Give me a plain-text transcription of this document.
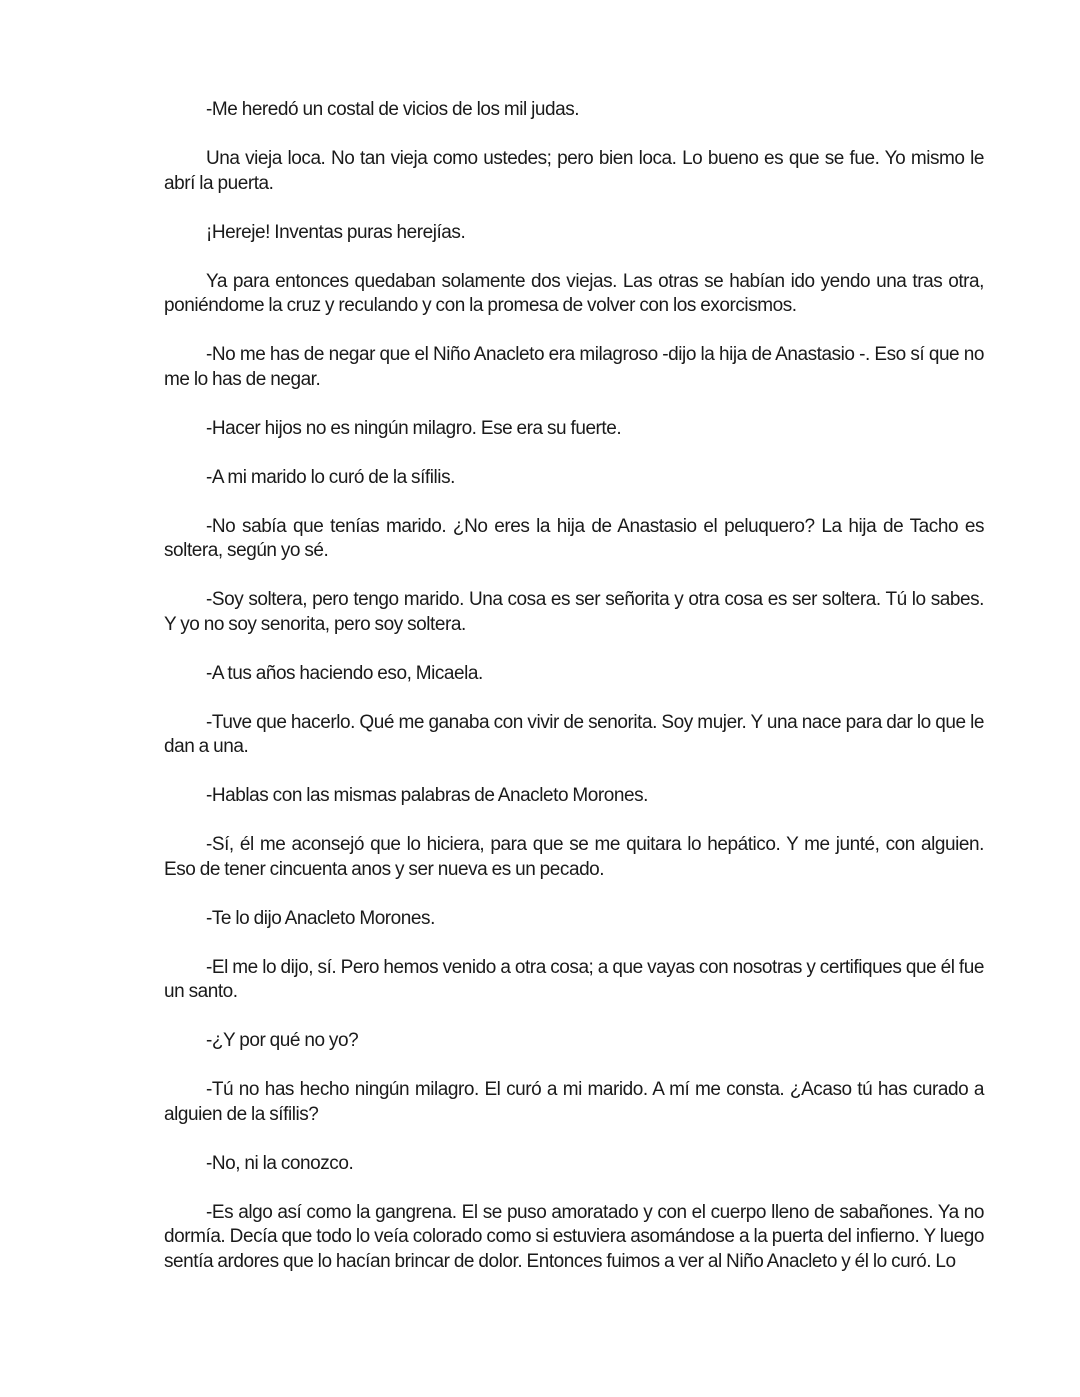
-Me heredó un costal de vicios de los mil judas.

Una vieja loca. No tan vieja como ustedes; pero bien loca. Lo bueno es que se fue. Yo mismo le abrí la puerta.

¡Hereje! Inventas puras herejías.

Ya para entonces quedaban solamente dos viejas. Las otras se habían ido yendo una tras otra, poniéndome la cruz y reculando y con la promesa de volver con los exorcismos.

-No me has de negar que el Niño Anacleto era milagroso -dijo la hija de Anastasio -. Eso sí que no me lo has de negar.

-Hacer hijos no es ningún milagro. Ese era su fuerte.

-A mi marido lo curó de la sífilis.

-No sabía que tenías marido. ¿No eres la hija de Anastasio el peluquero? La hija de Tacho es soltera, según yo sé.

-Soy soltera, pero tengo marido. Una cosa es ser señorita y otra cosa es ser soltera. Tú lo sabes. Y yo no soy senorita, pero soy soltera.

-A tus años haciendo eso, Micaela.

-Tuve que hacerlo. Qué me ganaba con vivir de senorita. Soy mujer. Y una nace para dar lo que le dan a una.

-Hablas con las mismas palabras de Anacleto Morones.

-Sí, él me aconsejó que lo hiciera, para que se me quitara lo hepático. Y me junté, con alguien. Eso de tener cincuenta anos y ser nueva es un pecado.

-Te lo dijo Anacleto Morones.

-El me lo dijo, sí. Pero hemos venido a otra cosa; a que vayas con nosotras y certifiques que él fue un santo.

-¿Y por qué no yo?

-Tú no has hecho ningún milagro. El curó a mi marido. A mí me consta. ¿Acaso tú has curado a alguien de la sífilis?

-No, ni la conozco.

-Es algo así como la gangrena. El se puso amoratado y con el cuerpo lleno de sabañones. Ya no dormía. Decía que todo lo veía colorado como si estuviera asomándose a la puerta del infierno. Y luego sentía ardores que lo hacían brincar de dolor. Entonces fuimos a ver al Niño Anacleto y él lo curó. Lo
